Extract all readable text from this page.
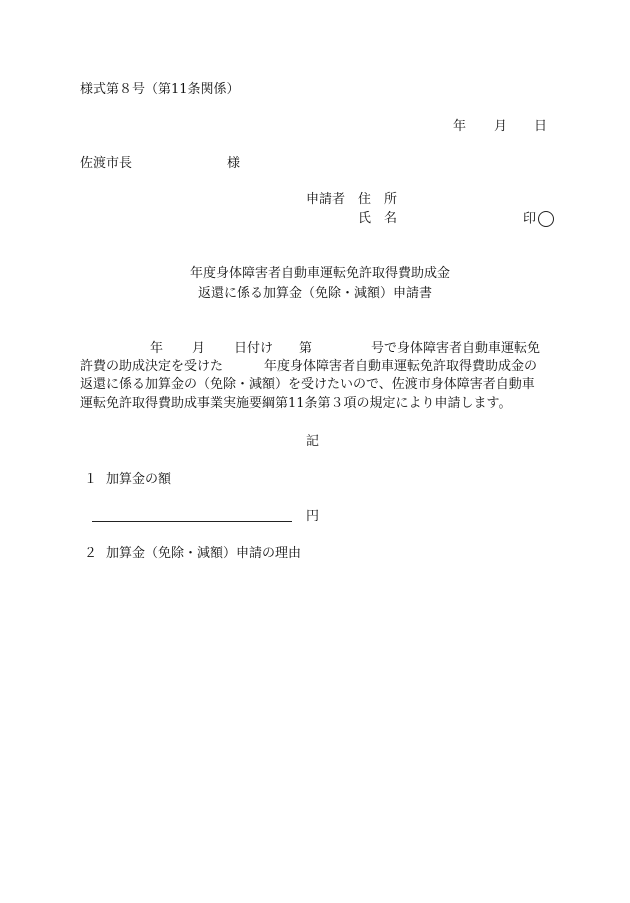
様式第８号（第11条関係）
年 月 日
佐渡市長	様
申請者 住　所
氏　名	印
年度身体障害者自動車運転免許取得費助成金
返還に係る加算金（免除・減額）申請書
年 月 日付け 第	号で身体障害者自動車運転免
許費の助成決定を受けた	年度身体障害者自動車運転免許取得費助成金の
返還に係る加算金の（免除・減額）を受けたいので、佐渡市身体障害者自動車
運転免許取得費助成事業実施要綱第11条第３項の規定により申請します。
記
１ 加算金の額
円
２ 加算金（免除・減額）申請の理由
